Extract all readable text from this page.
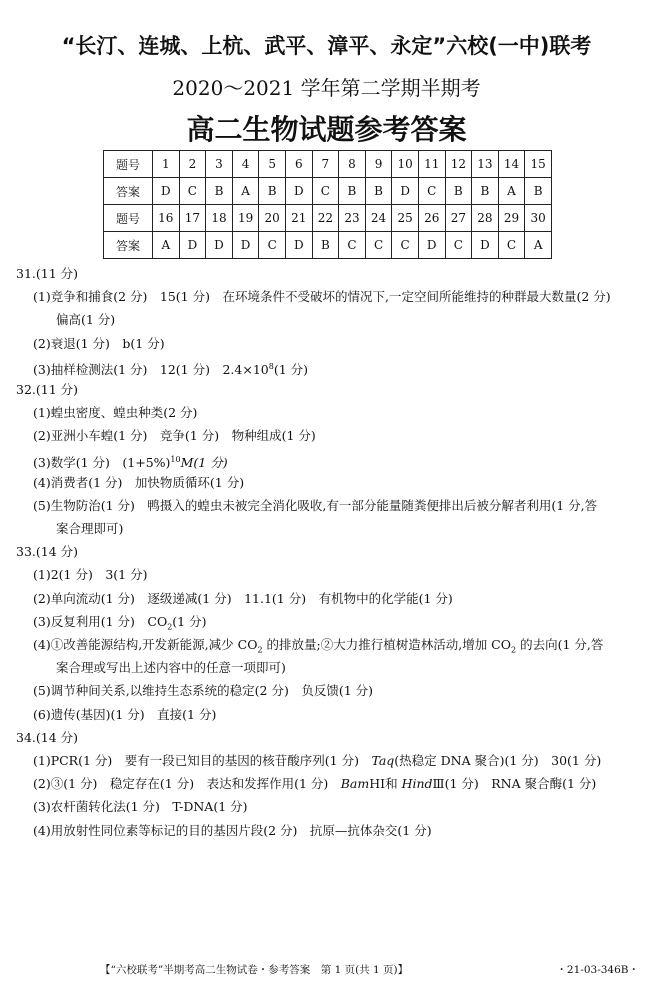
“长汀、连城、上杭、武平、漳平、永定”六校(一中)联考
2020～2021 学年第二学期半期考
高二生物试题参考答案
题号	1	2	3	4	5	6	7	8	9	10	11	12	13	14	15
答案	D	C	B	A	B	D	C	B	B	D	C	B	B	A	B
题号	16	17	18	19	20	21	22	23	24	25	26	27	28	29	30
答案	A	D	D	D	C	D	B	C	C	C	D	C	D	C	A
31.(11 分)
(1)竞争和捕食(2 分)　15(1 分)　在环境条件不受破坏的情况下,一定空间所能维持的种群最大数量(2 分)
偏高(1 分)
(2)衰退(1 分)　b(1 分)
(3)抽样检测法(1 分)　12(1 分)　$2.4\times 10^8(1$ 分)
32.(11 分)
(1)蝗虫密度、蝗虫种类(2 分)
(2)亚洲小车蝗(1 分)　竞争(1 分)　物种组成(1 分)
(3)数学(1 分)　$(1+5\%)^{10}M(1$ 分)
(4)消费者(1 分)　加快物质循环(1 分)
(5)生物防治(1 分)　鸭摄入的蝗虫未被完全消化吸收,有一部分能量随粪便排出后被分解者利用(1 分,答
案合理即可)
33.(14 分)
(1)2(1 分)　3(1 分)
(2)单向流动(1 分)　逐级递减(1 分)　11.1(1 分)　有机物中的化学能(1 分)
(3)反复利用(1 分)　$CO_2(1$ 分)
(4)①改善能源结构,开发新能源,减少 $CO_2$ 的排放量;②大力推行植树造林活动,增加 $CO_2$ 的去向(1 分,答
案合理或写出上述内容中的任意一项即可)
(5)调节种间关系,以维持生态系统的稳定(2 分)　负反馈(1 分)
(6)遗传(基因)(1 分)　直接(1 分)
34.(14 分)
(1)PCR(1 分)　要有一段已知目的基因的核苷酸序列(1 分)　Taq(热稳定 DNA 聚合)(1 分)　30(1 分)
(2)③(1 分)　稳定存在(1 分)　表达和发挥作用(1 分)　BamHⅠ和 HindⅢ(1 分)　RNA 聚合酶(1 分)
(3)农杆菌转化法(1 分)　T-DNA(1 分)
(4)用放射性同位素等标记的目的基因片段(2 分)　抗原—抗体杂交(1 分)
【“六校联考”半期考高二生物试卷・参考答案　第 1 页(共 1 页)】	・21-03-346B・
